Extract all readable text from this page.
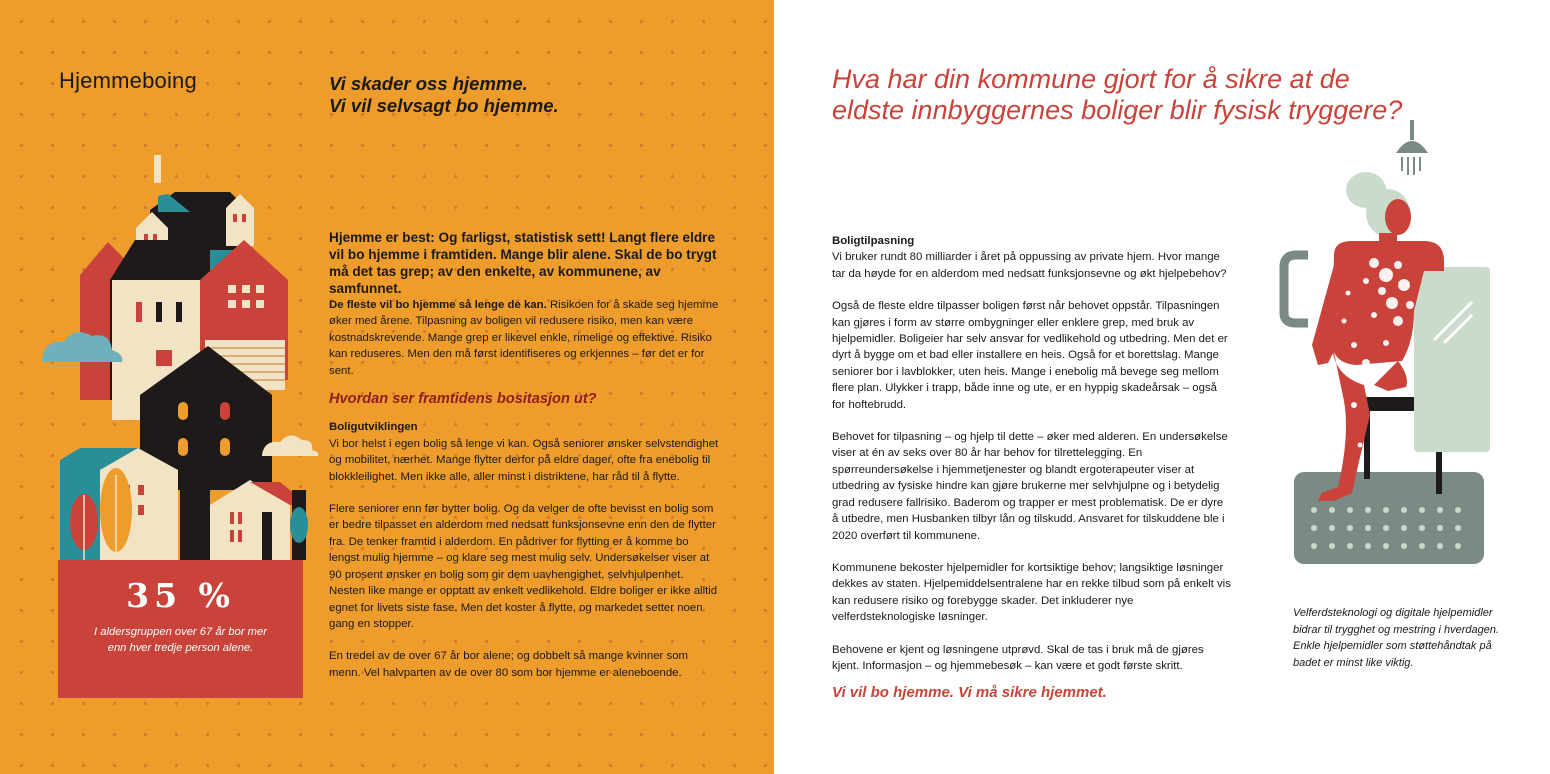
Hjemmeboing	Vi skader oss hjemme.
Vi vil selvsagt bo hjemme.
35 %
I aldersgruppen over 67 år bor mer
enn hver tredje person alene.

Hjemme er best: Og farligst, statistisk sett! Langt flere eldre vil bo hjemme i framtiden. Mange blir alene. Skal de bo trygt må det tas grep; av den enkelte, av kommunene, av samfunnet.

De fleste vil bo hjemme så lenge de kan. Risikoen for å skade seg hjemme øker med årene. Tilpasning av boligen vil redusere risiko, men kan være kostnadskrevende. Mange grep er likevel enkle, rimelige og effektive. Risiko kan reduseres. Men den må først identifiseres og erkjennes – før det er for sent.

Hvordan ser framtidens bositasjon ut?

Boligutviklingen

Vi bor helst i egen bolig så lenge vi kan. Også seniorer ønsker selvstendighet og mobilitet, nærhet. Mange flytter derfor på eldre dager, ofte fra enebolig til blokkleilighet. Men ikke alle, aller minst i distriktene, har råd til å flytte.

Flere seniorer enn før bytter bolig. Og da velger de ofte bevisst en bolig som er bedre tilpasset en alderdom med nedsatt funksjonsevne enn den de flytter fra. De tenker framtid i alderdom. En pådriver for flytting er å komme bo lengst mulig hjemme – og klare seg mest mulig selv. Undersøkelser viser at 90 prosent ønsker en bolig som gir dem uavhengighet, selvhjulpenhet. Nesten like mange er opptatt av enkelt vedlikehold. Eldre boliger er ikke alltid egnet for livets siste fase. Men det koster å flytte, og markedet setter noen gang en stopper.

En tredel av de over 67 år bor alene; og dobbelt så mange kvinner som menn. Vel halvparten av de over 80 som bor hjemme er aleneboende.

Hva har din kommune gjort for å sikre at de
eldste innbyggernes boliger blir fysisk tryggere?

Boligtilpasning

Vi bruker rundt 80 milliarder i året på oppussing av private hjem. Hvor mange tar da høyde for en alderdom med nedsatt funksjonsevne og økt hjelpebehov?

Også de fleste eldre tilpasser boligen først når behovet oppstår. Tilpasningen kan gjøres i form av større ombygninger eller enklere grep, med bruk av hjelpemidler. Boligeier har selv ansvar for vedlikehold og utbedring. Men det er dyrt å bygge om et bad eller installere en heis. Også for et borettslag. Mange seniorer bor i lavblokker, uten heis. Mange i enebolig må bevege seg mellom flere plan. Ulykker i trapp, både inne og ute, er en hyppig skadeårsak – også for hoftebrudd.

Behovet for tilpasning – og hjelp til dette – øker med alderen. En undersøkelse viser at én av seks over 80 år har behov for tilrettelegging. En spørreundersøkelse i hjemmetjenester og blandt ergoterapeuter viser at utbedring av fysiske hindre kan gjøre brukerne mer selvhjulpne og i betydelig grad redusere fallrisiko. Baderom og trapper er mest problematisk. De er dyre å utbedre, men Husbanken tilbyr lån og tilskudd. Ansvaret for tilskuddene ble i 2020 overført til kommunene.

Kommunene bekoster hjelpemidler for kortsiktige behov; langsiktige løsninger dekkes av staten. Hjelpemiddelsentralene har en rekke tilbud som på enkelt vis kan redusere risiko og forebygge skader. Det inkluderer nye velferdsteknologiske løsninger.

Behovene er kjent og løsningene utprøvd. Skal de tas i bruk må de gjøres kjent. Informasjon – og hjemmebesøk – kan være et godt første skritt.

Vi vil bo hjemme. Vi må sikre hjemmet.

Velferdsteknologi og digitale hjelpemidler
bidrar til trygghet og mestring i hverdagen.
Enkle hjelpemidler som støttehåndtak på
badet er minst like viktig.
